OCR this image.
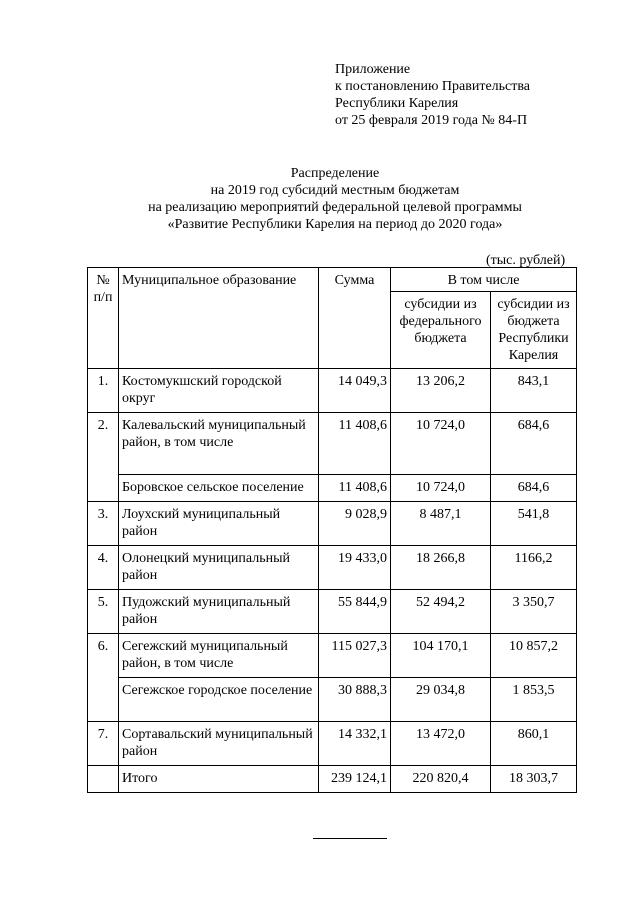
Приложение
к постановлению Правительства
Республики Карелия
от 25 февраля 2019 года № 84-П
Распределение
на 2019 год субсидий местным бюджетам
на реализацию мероприятий федеральной целевой программы
«Развитие Республики Карелия на период до 2020 года»
(тыс. рублей)
№ п/п	Муниципальное образование	Сумма	В том числе	
			субсидии из федерального бюджета	субсидии из бюджета Республики Карелия
1.	Костомукшский городской округ	14 049,3	13 206,2	843,1
2.	Калевальский муниципальный район, в том числе	11 408,6	10 724,0	684,6
	Боровское сельское поселение	11 408,6	10 724,0	684,6
3.	Лоухский муниципальный район	9 028,9	8 487,1	541,8
4.	Олонецкий муниципальный район	19 433,0	18 266,8	1166,2
5.	Пудожский муниципальный район	55 844,9	52 494,2	3 350,7
6.	Сегежский муниципальный район, в том числе	115 027,3	104 170,1	10 857,2
	Сегежское городское поселение	30 888,3	29 034,8	1 853,5
7.	Сортавальский муниципальный район	14 332,1	13 472,0	860,1
	Итого	239 124,1	220 820,4	18 303,7
